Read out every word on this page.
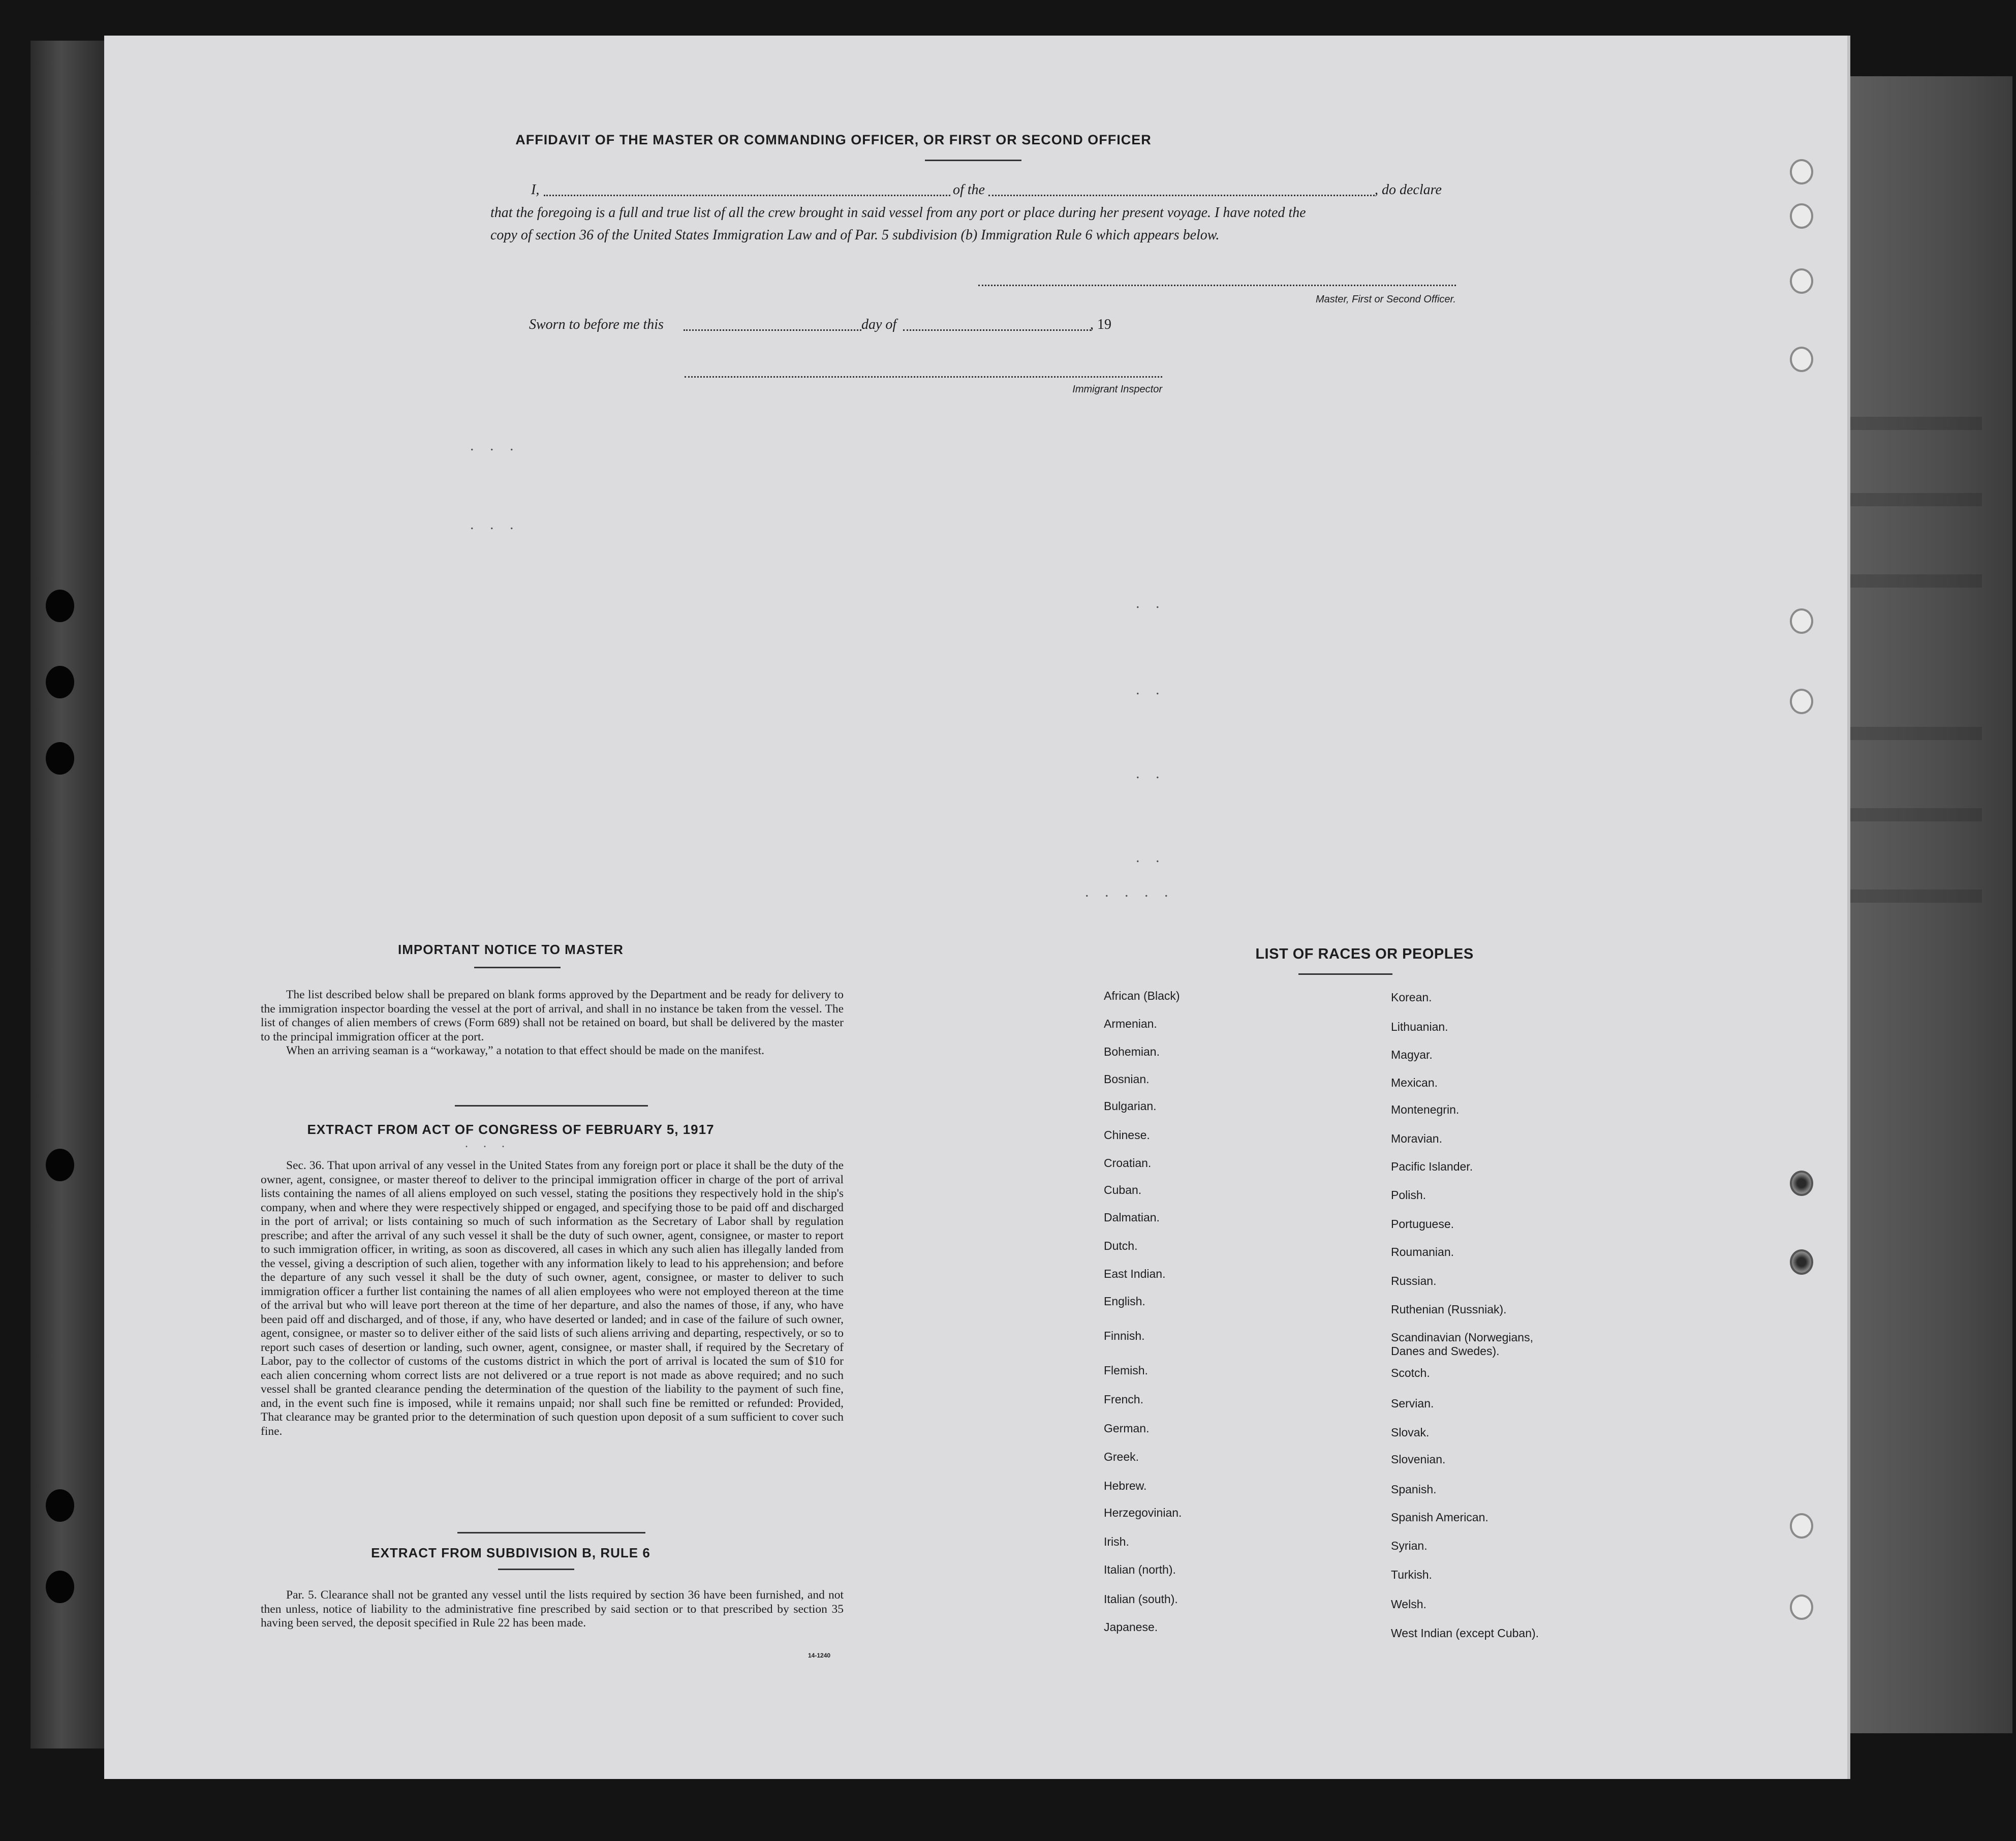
AFFIDAVIT OF THE MASTER OR COMMANDING OFFICER, OR FIRST OR SECOND OFFICER
I,	of the	, do declare
that the foregoing is a full and true list of all the crew brought in said vessel from any port or place during her present voyage. I have noted the
copy of section 36 of the United States Immigration Law and of Par. 5 subdivision (b) Immigration Rule 6 which appears below.
Master, First or Second Officer.
Sworn to before me this	day of	, 19
Immigrant Inspector
. . .
. . .
. .
. .
. .
. .
. . . . .
IMPORTANT NOTICE TO MASTER

The list described below shall be prepared on blank forms approved by the Department and be ready for delivery to the immigration inspector boarding the vessel at the port of arrival, and shall in no instance be taken from the vessel. The list of changes of alien members of crews (Form 689) shall not be retained on board, but shall be delivered by the master to the principal immigration officer at the port.

When an arriving seaman is a “workaway,” a notation to that effect should be made on the manifest.

EXTRACT FROM ACT OF CONGRESS OF FEBRUARY 5, 1917
. . .

Sec. 36. That upon arrival of any vessel in the United States from any foreign port or place it shall be the duty of the owner, agent, consignee, or master thereof to deliver to the principal immigration officer in charge of the port of arrival lists containing the names of all aliens employed on such vessel, stating the positions they respectively hold in the ship's company, when and where they were respectively shipped or engaged, and specifying those to be paid off and discharged in the port of arrival; or lists containing so much of such information as the Secretary of Labor shall by regulation prescribe; and after the arrival of any such vessel it shall be the duty of such owner, agent, consignee, or master to report to such immigration officer, in writing, as soon as discovered, all cases in which any such alien has illegally landed from the vessel, giving a description of such alien, together with any information likely to lead to his apprehension; and before the departure of any such vessel it shall be the duty of such owner, agent, consignee, or master to deliver to such immigration officer a further list containing the names of all alien employees who were not employed thereon at the time of the arrival but who will leave port thereon at the time of her departure, and also the names of those, if any, who have been paid off and discharged, and of those, if any, who have deserted or landed; and in case of the failure of such owner, agent, consignee, or master so to deliver either of the said lists of such aliens arriving and departing, respectively, or so to report such cases of desertion or landing, such owner, agent, consignee, or master shall, if required by the Secretary of Labor, pay to the collector of customs of the customs district in which the port of arrival is located the sum of $10 for each alien concerning whom correct lists are not delivered or a true report is not made as above required; and no such vessel shall be granted clearance pending the determination of the question of the liability to the payment of such fine, and, in the event such fine is imposed, while it remains unpaid; nor shall such fine be remitted or refunded: Provided, That clearance may be granted prior to the determination of such question upon deposit of a sum sufficient to cover such fine.

EXTRACT FROM SUBDIVISION B, RULE 6

Par. 5. Clearance shall not be granted any vessel until the lists required by section 36 have been furnished, and not then unless, notice of liability to the administrative fine prescribed by said section or to that prescribed by section 35 having been served, the deposit specified in Rule 22 has been made.

14-1240
LIST OF RACES OR PEOPLES
African (Black)
Armenian.
Bohemian.
Bosnian.
Bulgarian.
Chinese.
Croatian.
Cuban.
Dalmatian.
Dutch.
East Indian.
English.
Finnish.
Flemish.
French.
German.
Greek.
Hebrew.
Herzegovinian.
Irish.
Italian (north).
Italian (south).
Japanese.
Korean.
Lithuanian.
Magyar.
Mexican.
Montenegrin.
Moravian.
Pacific Islander.
Polish.
Portuguese.
Roumanian.
Russian.
Ruthenian (Russniak).
Scandinavian (Norwegians, Danes and Swedes).
Scotch.
Servian.
Slovak.
Slovenian.
Spanish.
Spanish American.
Syrian.
Turkish.
Welsh.
West Indian (except Cuban).
